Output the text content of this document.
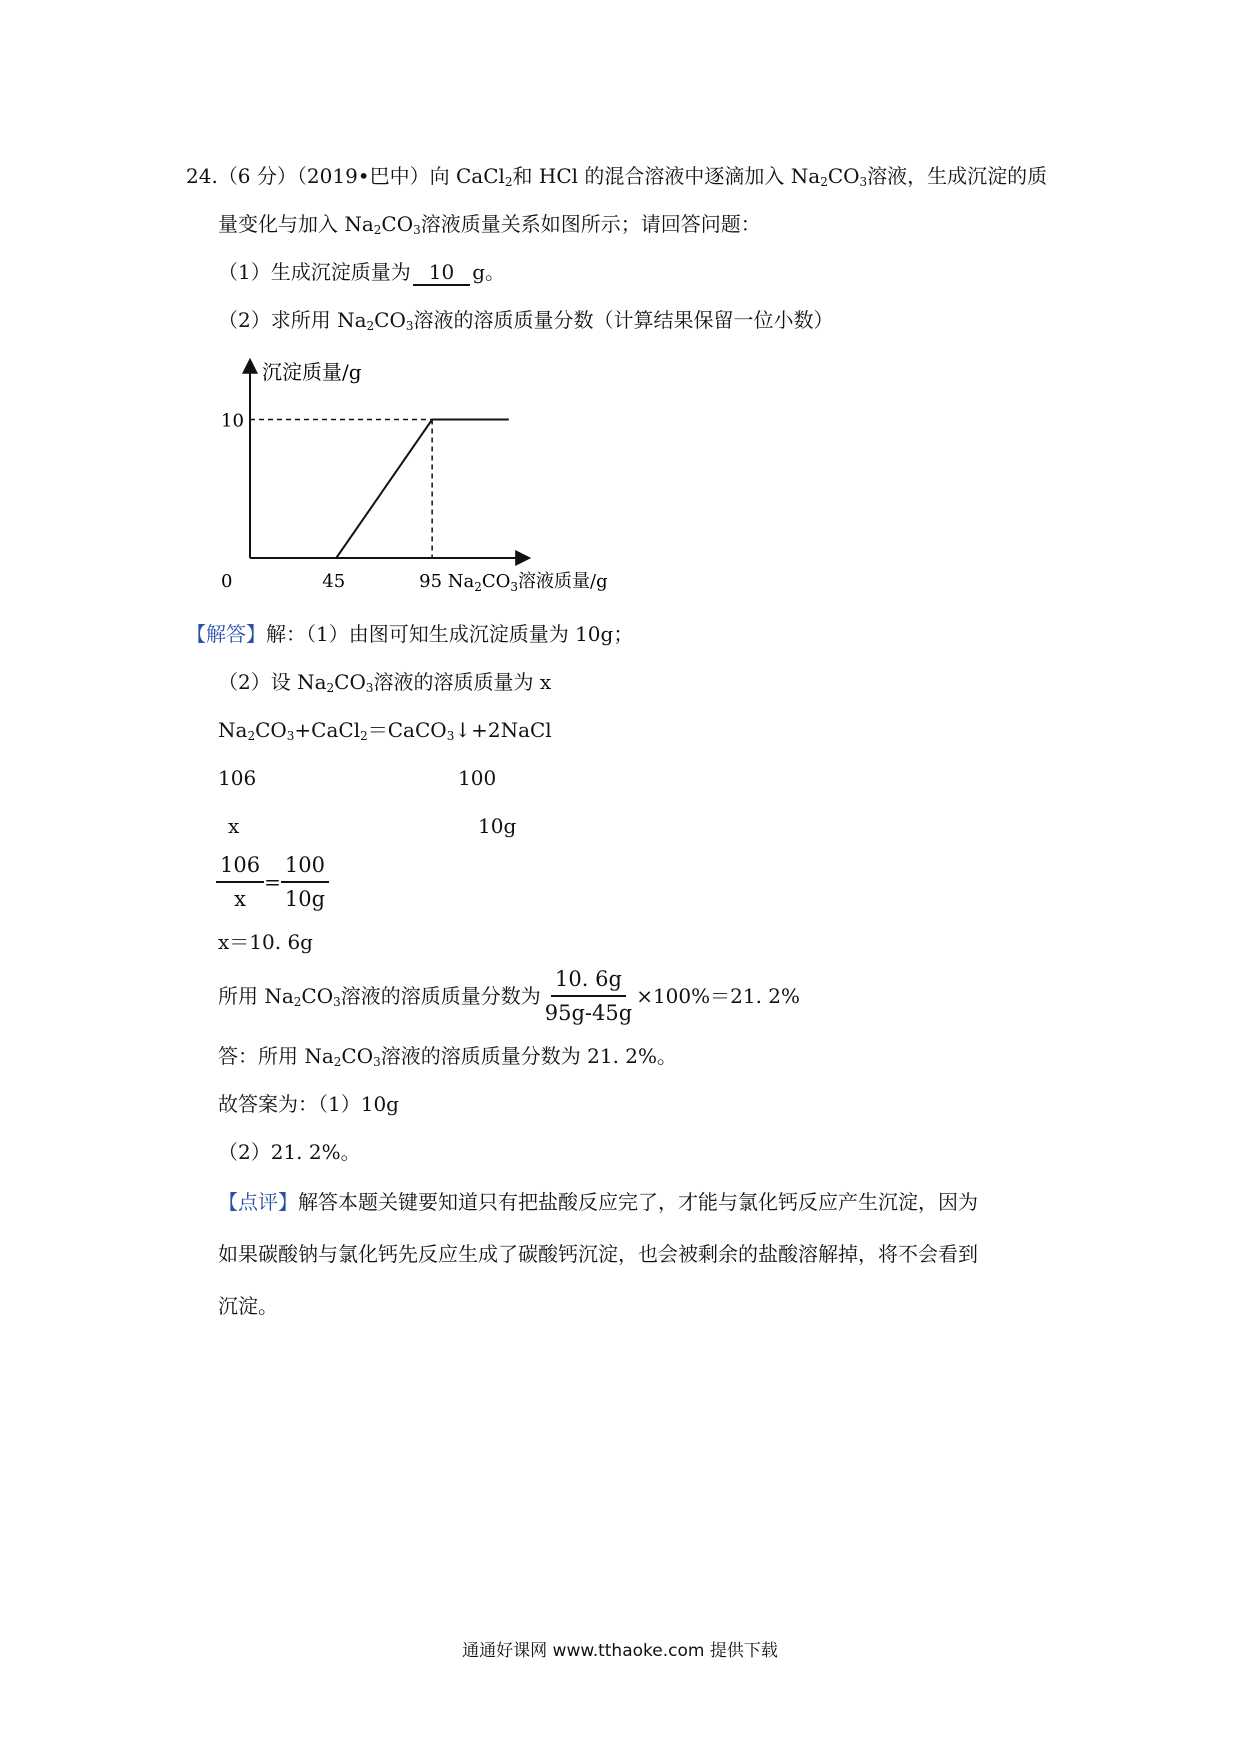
24.（6 分）（2019•巴中）向 CaCl$_2$和 HCl 的混合溶液中逐滴加入 $Na_2CO_3$溶液，生成沉淀的质
量变化与加入 $Na_2CO_3$溶液质量关系如图所示；请回答问题：
（1）生成沉淀质量为 10 g。
（2）求所用 $Na_2CO_3$溶液的溶质质量分数（计算结果保留一位小数）
沉淀质量/g
10
0	45	95 $Na_2CO_3$溶液质量/g
【解答】解：（1）由图可知生成沉淀质量为 10g；
（2）设 $Na_2CO_3$溶液的溶质质量为 x
$Na_2CO_3+CaCl_2=CaCO_3↓+2NaCl$
106	100
x	10g
$\frac{106}{x} = \frac{100}{10g}$
x＝10. 6g
所用 $Na_2CO_3$溶液的溶质质量分数为 $\frac{10. 6g}{95g-45g} \times 100\%=21$. 2%
答：所用 $Na_2CO_3$溶液的溶质质量分数为 21. 2%。
故答案为：（1）10g
（2）21. 2%。
【点评】解答本题关键要知道只有把盐酸反应完了，才能与氯化钙反应产生沉淀，因为
如果碳酸钠与氯化钙先反应生成了碳酸钙沉淀，也会被剩余的盐酸溶解掉，将不会看到
沉淀。
通通好课网 www.tthaoke.com 提供下载
